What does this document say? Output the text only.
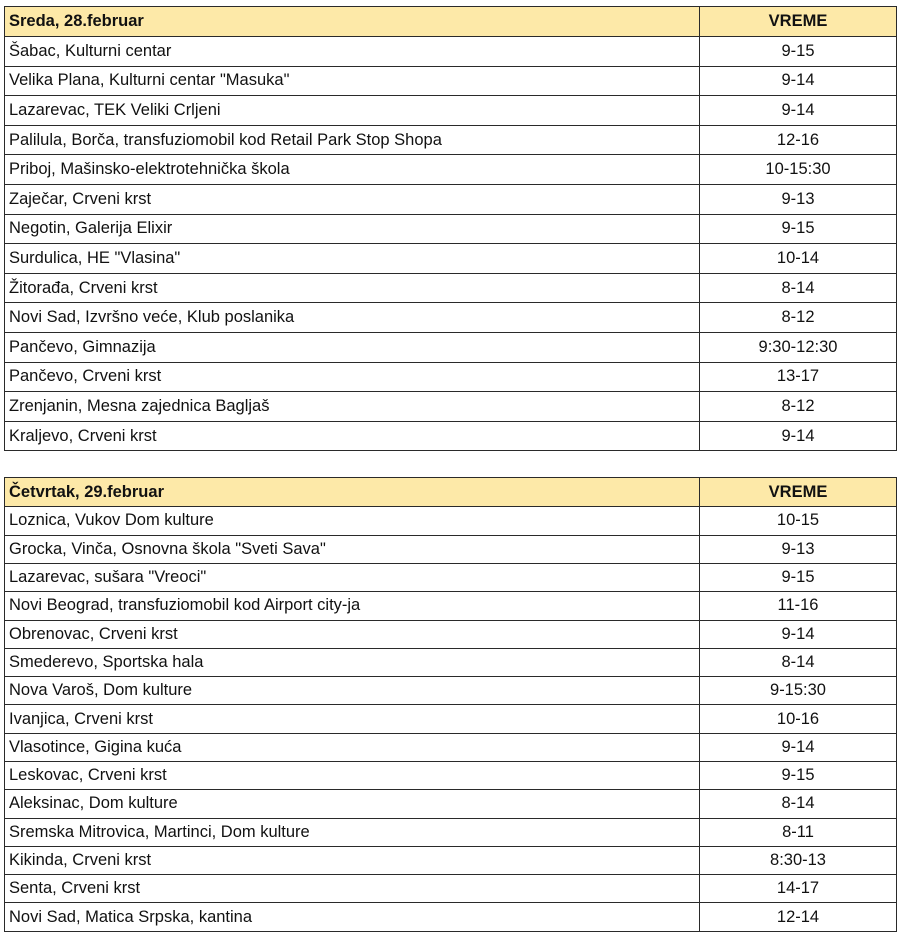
Sreda, 28.februar	VREME
Šabac, Kulturni centar	9-15
Velika Plana, Kulturni centar "Masuka"	9-14
Lazarevac, TEK Veliki Crljeni	9-14
Palilula, Borča, transfuziomobil kod Retail Park Stop Shopa	12-16
Priboj, Mašinsko-elektrotehnička škola	10-15:30
Zaječar, Crveni krst	9-13
Negotin, Galerija Elixir	9-15
Surdulica, HE "Vlasina"	10-14
Žitorađa, Crveni krst	8-14
Novi Sad, Izvršno veće, Klub poslanika	8-12
Pančevo, Gimnazija	9:30-12:30
Pančevo, Crveni krst	13-17
Zrenjanin, Mesna zajednica Bagljaš	8-12
Kraljevo, Crveni krst	9-14
Četvrtak, 29.februar	VREME
Loznica, Vukov Dom kulture	10-15
Grocka, Vinča, Osnovna škola "Sveti Sava"	9-13
Lazarevac, sušara "Vreoci"	9-15
Novi Beograd, transfuziomobil kod Airport city-ja	11-16
Obrenovac, Crveni krst	9-14
Smederevo, Sportska hala	8-14
Nova Varoš, Dom kulture	9-15:30
Ivanjica, Crveni krst	10-16
Vlasotince, Gigina kuća	9-14
Leskovac, Crveni krst	9-15
Aleksinac, Dom kulture	8-14
Sremska Mitrovica, Martinci, Dom kulture	8-11
Kikinda, Crveni krst	8:30-13
Senta, Crveni krst	14-17
Novi Sad, Matica Srpska, kantina	12-14
